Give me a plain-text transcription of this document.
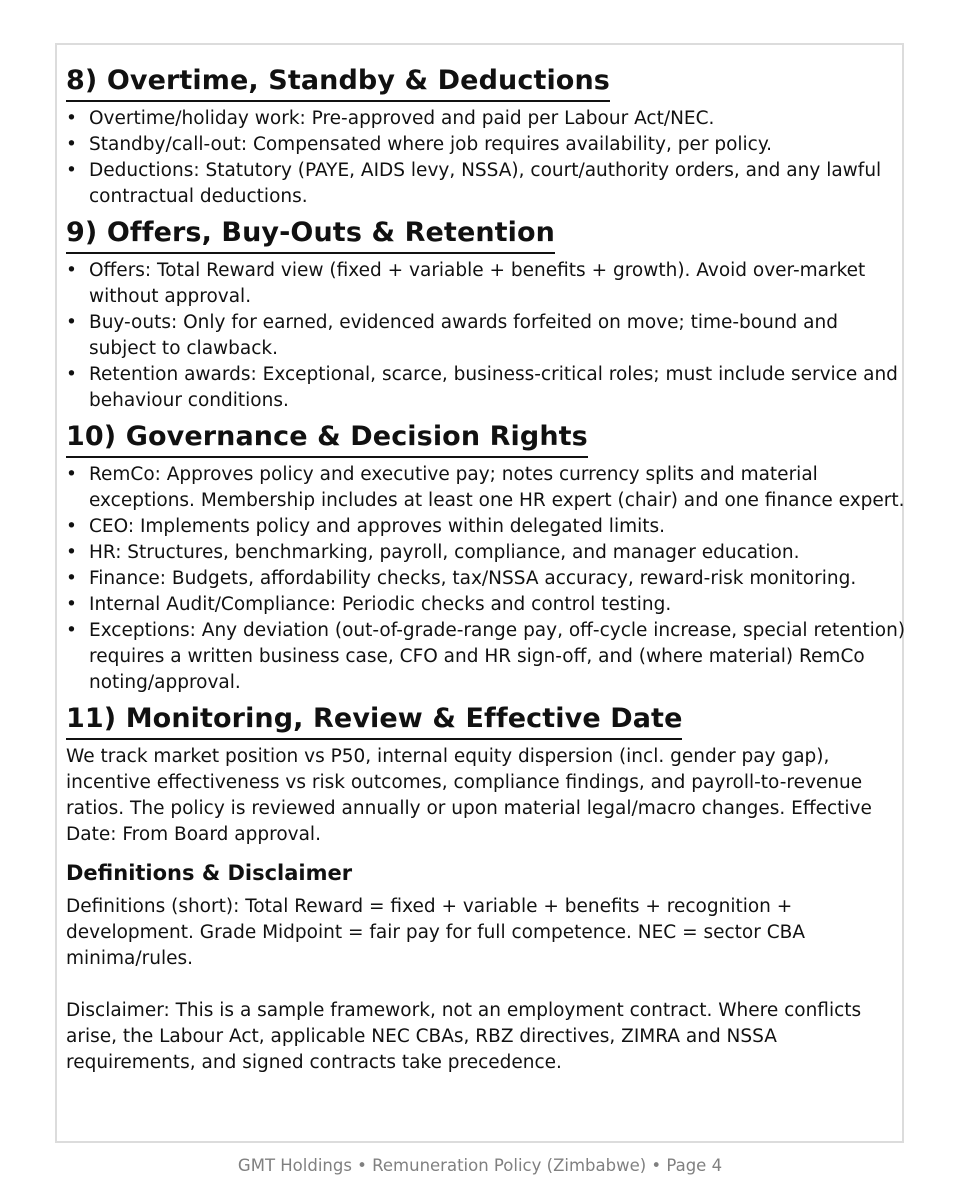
8) Overtime, Standby & Deductions
• Overtime/holiday work: Pre-approved and paid per Labour Act/NEC.
• Standby/call-out: Compensated where job requires availability, per policy.
• Deductions: Statutory (PAYE, AIDS levy, NSSA), court/authority orders, and any lawful contractual deductions.
9) Offers, Buy-Outs & Retention
• Offers: Total Reward view (fixed + variable + benefits + growth). Avoid over-market without approval.
• Buy-outs: Only for earned, evidenced awards forfeited on move; time-bound and subject to clawback.
• Retention awards: Exceptional, scarce, business-critical roles; must include service and behaviour conditions.
10) Governance & Decision Rights
• RemCo: Approves policy and executive pay; notes currency splits and material exceptions. Membership includes at least one HR expert (chair) and one finance expert.
• CEO: Implements policy and approves within delegated limits.
• HR: Structures, benchmarking, payroll, compliance, and manager education.
• Finance: Budgets, affordability checks, tax/NSSA accuracy, reward-risk monitoring.
• Internal Audit/Compliance: Periodic checks and control testing.
• Exceptions: Any deviation (out-of-grade-range pay, off-cycle increase, special retention) requires a written business case, CFO and HR sign-off, and (where material) RemCo noting/approval.
11) Monitoring, Review & Effective Date

We track market position vs P50, internal equity dispersion (incl. gender pay gap), incentive effectiveness vs risk outcomes, compliance findings, and payroll-to-revenue ratios. The policy is reviewed annually or upon material legal/macro changes. Effective Date: From Board approval.

Definitions & Disclaimer

Definitions (short): Total Reward = fixed + variable + benefits + recognition + development. Grade Midpoint = fair pay for full competence. NEC = sector CBA minima/rules.

Disclaimer: This is a sample framework, not an employment contract. Where conflicts arise, the Labour Act, applicable NEC CBAs, RBZ directives, ZIMRA and NSSA requirements, and signed contracts take precedence.

GMT Holdings • Remuneration Policy (Zimbabwe) • Page 4
